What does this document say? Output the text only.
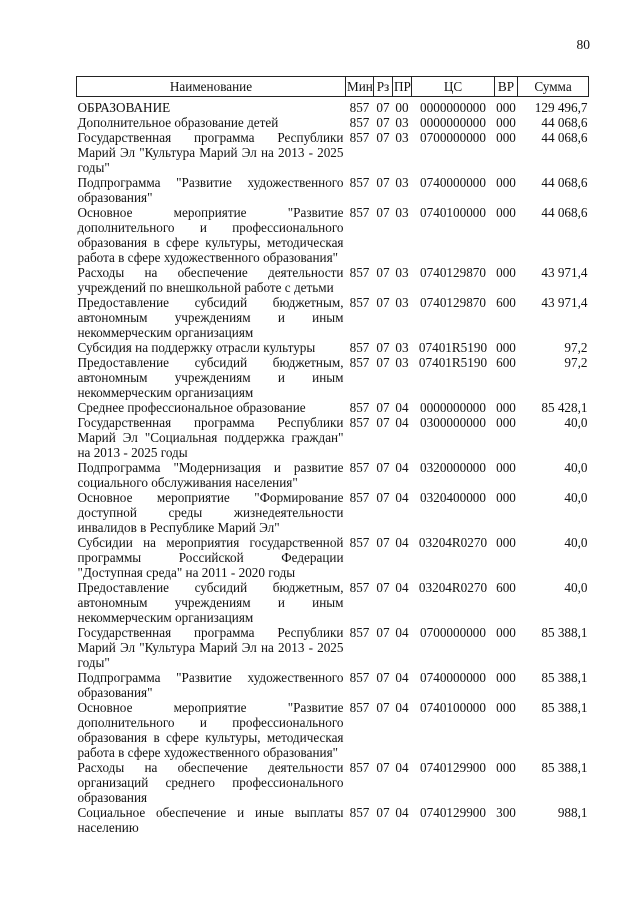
80
Наименование	Мин	Рз	ПР	ЦС	ВР	Сумма
ОБРАЗОВАНИЕ	857	07	00	0000000000	000	129 496,7
Дополнительное образование детей	857	07	03	0000000000	000	44 068,6
Государственная программа Республики Марий Эл "Культура Марий Эл на 2013 - 2025 годы"	857	07	03	0700000000	000	44 068,6
Подпрограмма "Развитие художественного образования"	857	07	03	0740000000	000	44 068,6
Основное мероприятие "Развитие дополнительного и профессионального образования в сфере культуры, методическая работа в сфере художественного образования"	857	07	03	0740100000	000	44 068,6
Расходы на обеспечение деятельности учреждений по внешкольной работе с детьми	857	07	03	0740129870	000	43 971,4
Предоставление субсидий бюджетным, автономным учреждениям и иным некоммерческим организациям	857	07	03	0740129870	600	43 971,4
Субсидия на поддержку отрасли культуры	857	07	03	07401R5190	000	97,2
Предоставление субсидий бюджетным, автономным учреждениям и иным некоммерческим организациям	857	07	03	07401R5190	600	97,2
Среднее профессиональное образование	857	07	04	0000000000	000	85 428,1
Государственная программа Республики Марий Эл "Социальная поддержка граждан" на 2013 - 2025 годы	857	07	04	0300000000	000	40,0
Подпрограмма "Модернизация и развитие социального обслуживания населения"	857	07	04	0320000000	000	40,0
Основное мероприятие "Формирование доступной среды жизнедеятельности инвалидов в Республике Марий Эл"	857	07	04	0320400000	000	40,0
Субсидии на мероприятия государственной программы Российской Федерации "Доступная среда" на 2011 - 2020 годы	857	07	04	03204R0270	000	40,0
Предоставление субсидий бюджетным, автономным учреждениям и иным некоммерческим организациям	857	07	04	03204R0270	600	40,0
Государственная программа Республики Марий Эл "Культура Марий Эл на 2013 - 2025 годы"	857	07	04	0700000000	000	85 388,1
Подпрограмма "Развитие художественного образования"	857	07	04	0740000000	000	85 388,1
Основное мероприятие "Развитие дополнительного и профессионального образования в сфере культуры, методическая работа в сфере художественного образования"	857	07	04	0740100000	000	85 388,1
Расходы на обеспечение деятельности организаций среднего профессионального образования	857	07	04	0740129900	000	85 388,1
Социальное обеспечение и иные выплаты населению	857	07	04	0740129900	300	988,1
